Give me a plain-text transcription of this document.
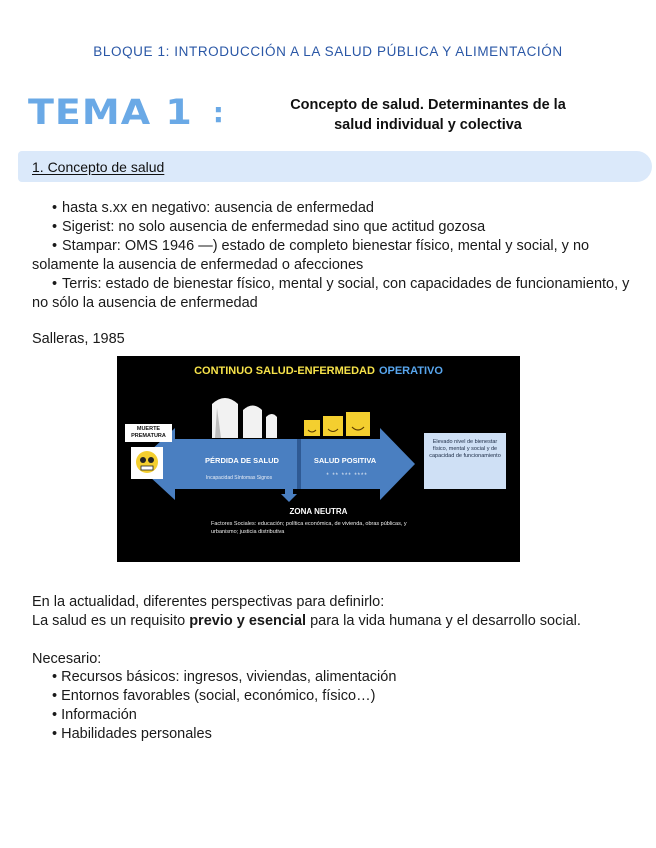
BLOQUE 1: INTRODUCCIÓN A LA SALUD PÚBLICA Y ALIMENTACIÓN
TEMA 1 :	Concepto de salud. Determinantes de la
salud individual y colectiva
1. Concepto de salud
• hasta s.xx en negativo: ausencia de enfermedad
• Sigerist: no solo ausencia de enfermedad sino que actitud gozosa
• Stampar: OMS 1946 —) estado de completo bienestar físico, mental y social, y no solamente la ausencia de enfermedad o afecciones
• Terris: estado de bienestar físico, mental y social, con capacidades de funcionamiento, y no sólo la ausencia de enfermedad
Salleras, 1985
CONTINUO SALUD-ENFERMEDAD OPERATIVO
MUERTE PREMATURA
PÉRDIDA DE SALUD
Incapacidad Síntomas Signos
SALUD POSITIVA
* ** *** ****
Elevado nivel de bienestar físico, mental y social y de capacidad de funcionamiento
ZONA NEUTRA
Factores Sociales: educación; política económica, de vivienda, obras públicas, y urbanismo; justicia distributiva
En la actualidad, diferentes perspectivas para definirlo:
La salud es un requisito previo y esencial para la vida humana y el desarrollo social.
Necesario:
• Recursos básicos: ingresos, viviendas, alimentación
• Entornos favorables (social, económico, físico…)
• Información
• Habilidades personales
